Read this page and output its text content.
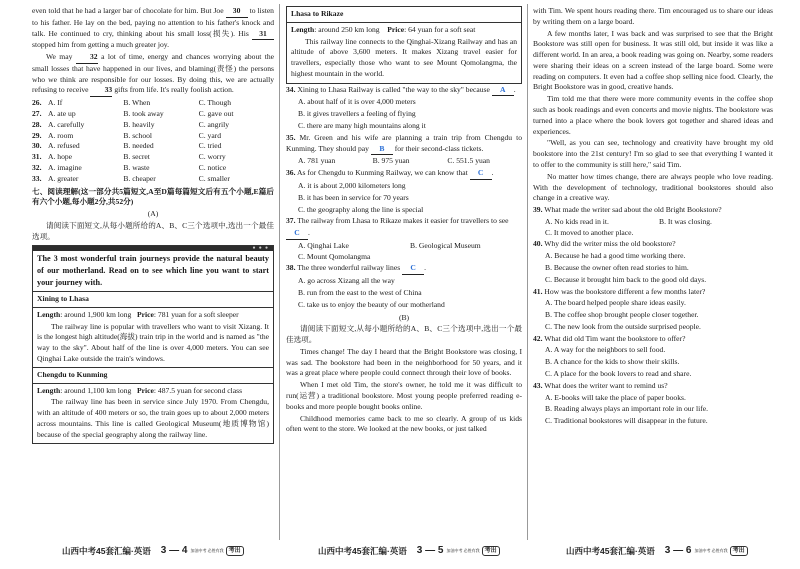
even told that he had a larger bar of chocolate for him. But Joe 30 to listen to his father. He lay on the bed, paying no attention to his father's knock and talk. He continued to cry, thinking about his small loss(损失). His 31 stopped him from getting a much greater joy.

We may 32 a lot of time, energy and chances worrying about the small losses that have happened in our lives, and blaming(责怪) the persons who we think are responsible for our losses. By doing this, we are actually refusing to receive 33 gifts from life. It's really foolish action.

26. A. If	B. When	C. Though
27. A. ate up	B. took away	C. gave out
28. A. carefully	B. heavily	C. angrily
29. A. room	B. school	C. yard
30. A. refused	B. needed	C. tried
31. A. hope	B. secret	C. worry
32. A. imagine	B. waste	C. notice
33. A. greater	B. cheaper	C. smaller

七、阅读理解(这一部分共5篇短文,A至D篇每篇短文后有五个小题,E篇后有六个小题,每小题2分,共52分)

(A)

请阅读下面短文,从每小题所给的A、B、C三个选项中,选出一个最佳选项。

● ● ●

The 3 most wonderful train journeys provide the natural beauty of our motherland. Read on to see which line you want to start your journey with.

Xining to Lhasa

Length: around 1,900 km long Price: 781 yuan for a soft sleeper

The railway line is popular with travellers who want to visit Xizang. It is the longest high altitude(海拔) train trip in the world and is named as "the way to the sky". About half of the line is over 4,000 meters. You can see Qinghai Lake outside the train's windows.

Chengdu to Kunming

Length: around 1,100 km long Price: 487.5 yuan for second class

The railway line has been in service since July 1970. From Chengdu, with an altitude of 400 meters or so, the train goes up to about 2,000 meters across mountains. This line is called Geological Museum(地质博物馆) because of the special geography along the railway line.

Lhasa to Rikaze

Length: around 250 km long Price: 64 yuan for a soft seat

This railway line connects to the Qinghai-Xizang Railway and has an altitude of above 3,600 meters. It makes Xizang travel easier for travellers, especially those who want to see Mount Qomolangma, the highest mountain in the world.

34. Xining to Lhasa Railway is called "the way to the sky" because A .

A. about half of it is over 4,000 meters

B. it gives travellers a feeling of flying

C. there are many high mountains along it

35. Mr. Green and his wife are planning a train trip from Chengdu to Kunming. They should pay B for their second-class tickets.

A. 781 yuan	B. 975 yuan	C. 551.5 yuan

36. As for Chengdu to Kunming Railway, we can know that C .

A. it is about 2,000 kilometers long

B. it has been in service for 70 years

C. the geography along the line is special

37. The railway from Lhasa to Rikaze makes it easier for travellers to see

C .

A. Qinghai Lake	B. Geological Museum

C. Mount Qomolangma

38. The three wonderful railway lines C .

A. go across Xizang all the way

B. run from the east to the west of China

C. take us to enjoy the beauty of our motherland

(B)

请阅读下面短文,从每小题所给的A、B、C三个选项中,选出一个最佳选项。

Times change! The day I heard that the Bright Bookstore was closing, I was sad. The bookstore had been in the neighborhood for 50 years, and it was a great place where people could connect through their love of books.

When I met old Tim, the store's owner, he told me it was difficult to run(运营) a traditional bookstore. Most young people preferred reading e-books and more people bought books online.

Childhood memories came back to me so clearly. A group of us kids often went to the store. We looked at the new books, or just talked

with Tim. We spent hours reading there. Tim encouraged us to share our ideas by writing them on a large board.

A few months later, I was back and was surprised to see that the Bright Bookstore was still open for business. It was still old, but inside it was like a different world. In an area, a book reading was going on. Nearby, some readers were sharing their ideas on a screen instead of the large board. Some were reading on computers. It even had a coffee shop selling nice food. Clearly, the Bright Bookstore was in good, creative hands.

Tim told me that there were more community events in the coffee shop such as book readings and even concerts and movie nights. The bookstore was turned into a place where the book lovers got together and shared ideas and experiences.

"Well, as you can see, technology and creativity have brought my old bookstore into the 21st century! I'm so glad to see that everything I wanted it to offer to the community is still here," said Tim.

No matter how times change, there are always people who love reading. With the development of technology, traditional bookstores should also change in a creative way.

39. What made the writer sad about the old Bright Bookstore?

A. No kids read in it.	B. It was closing.

C. It moved to another place.

40. Why did the writer miss the old bookstore?

A. Because he had a good time working there.

B. Because the owner often read stories to him.

C. Because it brought him back to the good old days.

41. How was the bookstore different a few months later?

A. The board helped people share ideas easily.

B. The coffee shop brought people closer together.

C. The new look from the outside surprised people.

42. What did old Tim want the bookstore to offer?

A. A way for the neighbors to sell food.

B. A chance for the kids to show their skills.

C. A place for the book lovers to read and share.

43. What does the writer want to remind us?

A. E-books will take the place of paper books.

B. Reading always plays an important role in our life.

C. Traditional bookstores will disappear in the future.

山西中考45套汇编·英语 3 — 4 加油中考 必胜有我 考出	山西中考45套汇编·英语 3 — 5 加油中考 必胜有我 考出	山西中考45套汇编·英语 3 — 6 加油中考 必胜有我 考出
